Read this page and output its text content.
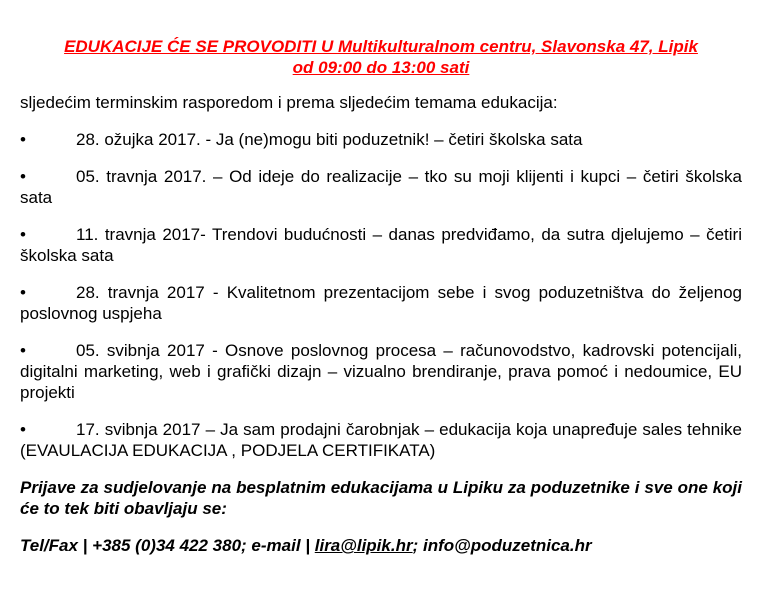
EDUKACIJE ĆE SE PROVODITI U Multikulturalnom centru, Slavonska 47, Lipik
od 09:00 do 13:00 sati
sljedećim terminskim rasporedom i prema sljedećim temama edukacija:
•	28. ožujka 2017. - Ja (ne)mogu biti poduzetnik! – četiri školska sata
•	05. travnja 2017. – Od ideje do realizacije – tko su moji klijenti i kupci – četiri školska sata
•	11. travnja 2017- Trendovi budućnosti – danas predviđamo, da sutra djelujemo – četiri školska sata
•	28. travnja 2017 - Kvalitetnom prezentacijom sebe i svog poduzetništva do željenog poslovnog uspjeha
•	05. svibnja 2017 - Osnove poslovnog procesa – računovodstvo, kadrovski potencijali, digitalni marketing, web i grafički dizajn – vizualno brendiranje, prava pomoć i nedoumice, EU projekti
•	17. svibnja 2017 – Ja sam prodajni čarobnjak – edukacija koja unapređuje sales tehnike (EVAULACIJA EDUKACIJA , PODJELA CERTIFIKATA)
Prijave za sudjelovanje na besplatnim edukacijama u Lipiku za poduzetnike i sve one koji će to tek biti obavljaju se:
Tel/Fax | +385 (0)34 422 380; e-mail | lira@lipik.hr; info@poduzetnica.hr
